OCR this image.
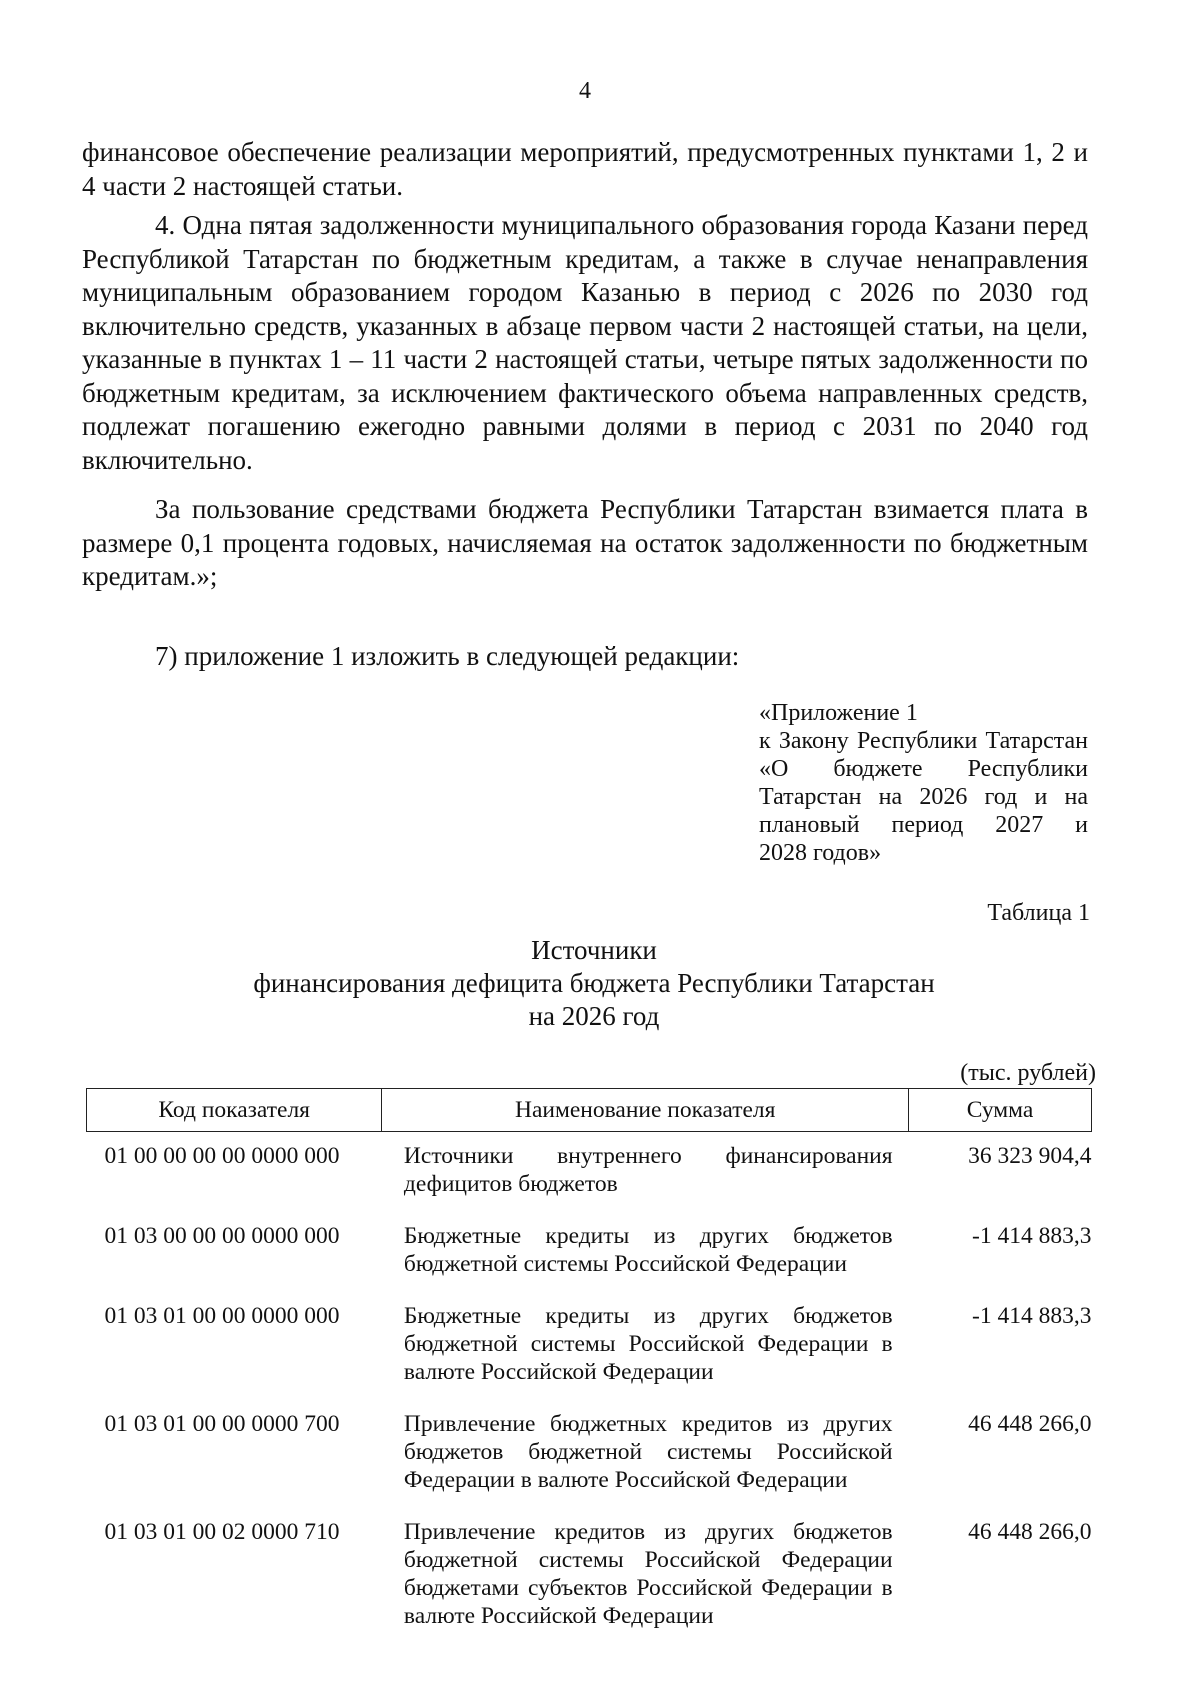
4

финансовое обеспечение реализации мероприятий, предусмотренных пунктами 1, 2 и 4 части 2 настоящей статьи.

4. Одна пятая задолженности муниципального образования города Казани перед Республикой Татарстан по бюджетным кредитам, а также в случае ненаправления муниципальным образованием городом Казанью в период с 2026 по 2030 год включительно средств, указанных в абзаце первом части 2 настоящей статьи, на цели, указанные в пунктах 1 – 11 части 2 настоящей статьи, четыре пятых задолженности по бюджетным кредитам, за исключением фактического объема направленных средств, подлежат погашению ежегодно равными долями в период с 2031 по 2040 год включительно.

За пользование средствами бюджета Республики Татарстан взимается плата в размере 0,1 процента годовых, начисляемая на остаток задолженности по бюджетным кредитам.»;

7) приложение 1 изложить в следующей редакции:

«Приложение 1
к Закону Республики Татарстан
«О бюджете Республики
Татарстан на 2026 год и на
плановый период 2027 и
2028 годов»
Таблица 1
Источники
финансирования дефицита бюджета Республики Татарстан
на 2026 год
(тыс. рублей)
Код показателя	Наименование показателя	Сумма
01 00 00 00 00 0000 000	Источники внутреннего финансирования дефицитов бюджетов	36 323 904,4
01 03 00 00 00 0000 000	Бюджетные кредиты из других бюджетов бюджетной системы Российской Федерации	-1 414 883,3
01 03 01 00 00 0000 000	Бюджетные кредиты из других бюджетов бюджетной системы Российской Федерации в валюте Российской Федерации	-1 414 883,3
01 03 01 00 00 0000 700	Привлечение бюджетных кредитов из других бюджетов бюджетной системы Российской Федерации в валюте Российской Федерации	46 448 266,0
01 03 01 00 02 0000 710	Привлечение кредитов из других бюджетов бюджетной системы Российской Федерации бюджетами субъектов Российской Федерации в валюте Российской Федерации	46 448 266,0
